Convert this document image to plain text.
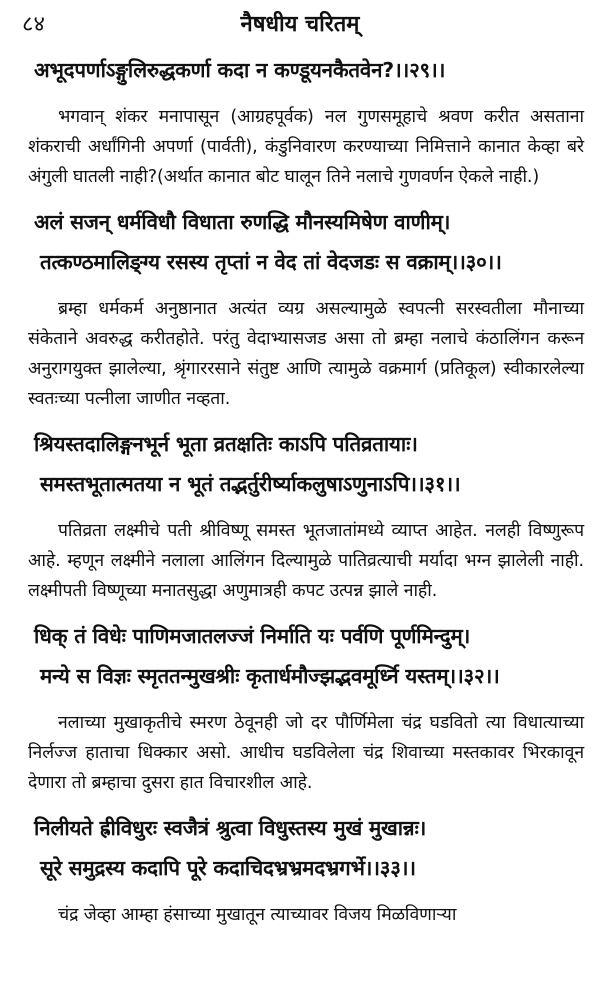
८४	नैषधीय चरितम्
अभूदपर्णाऽङ्गुलिरुद्धकर्णा कदा न कण्डूयनकैतवेन?।।२९।।

भगवान् शंकर मनापासून (आग्रहपूर्वक) नल गुणसमूहाचे श्रवण करीत असताना शंकराची अर्धांगिनी अपर्णा (पार्वती), कंडुनिवारण करण्याच्या निमित्ताने कानात केव्हा बरे अंगुली घातली नाही?(अर्थात कानात बोट घालून तिने नलाचे गुणवर्णन ऐकले नाही.)

अलं सजन् धर्मविधौ विधाता रुणद्धि मौनस्यमिषेण वाणीम्।
तत्कण्ठमालिङ्ग्य रसस्य तृप्तां न वेद तां वेदजडः स वक्राम्।।३०।।

ब्रम्हा धर्मकर्म अनुष्ठानात अत्यंत व्यग्र असल्यामुळे स्वपत्नी सरस्वतीला मौनाच्या संकेताने अवरुद्ध करीतहोते. परंतु वेदाभ्यासजड असा तो ब्रम्हा नलाचे कंठालिंगन करून अनुरागयुक्त झालेल्या, श्रृंगाररसाने संतुष्ट आणि त्यामुळे वक्रमार्ग (प्रतिकूल) स्वीकारलेल्या स्वतःच्या पत्नीला जाणीत नव्हता.

श्रियस्तदालिङ्गनभूर्न भूता व्रतक्षतिः काऽपि पतिव्रतायाः।
समस्तभूतात्मतया न भूतं तद्भर्तुरीर्ष्याकलुषाऽणुनाऽपि।।३१।।

पतिव्रता लक्ष्मीचे पती श्रीविष्णू समस्त भूतजातांमध्ये व्याप्त आहेत. नलही विष्णुरूप आहे. म्हणून लक्ष्मीने नलाला आलिंगन दिल्यामुळे पातिव्रत्याची मर्यादा भग्न झालेली नाही. लक्ष्मीपती विष्णूच्या मनातसुद्धा अणुमात्रही कपट उत्पन्न झाले नाही.

धिक् तं विधेः पाणिमजातलज्जं निर्माति यः पर्वणि पूर्णमिन्दुम्।
मन्ये स विज्ञः स्मृततन्मुखश्रीः कृतार्धमौज्झद्भवमूर्ध्नि यस्तम्।।३२।।

नलाच्या मुखाकृतीचे स्मरण ठेवूनही जो दर पौर्णिमेला चंद्र घडवितो त्या विधात्याच्या निर्लज्ज हाताचा धिक्कार असो. आधीच घडविलेला चंद्र शिवाच्या मस्तकावर भिरकावून देणारा तो ब्रम्हाचा दुसरा हात विचारशील आहे.

निलीयते ह्रीविधुरः स्वजैत्रं श्रुत्वा विधुस्तस्य मुखं मुखान्नः।
सूरे समुद्रस्य कदापि पूरे कदाचिदभ्रभ्रमदभ्रगर्भे।।३३।।

चंद्र जेव्हा आम्हा हंसाच्या मुखातून त्याच्यावर विजय मिळविणाऱ्या
